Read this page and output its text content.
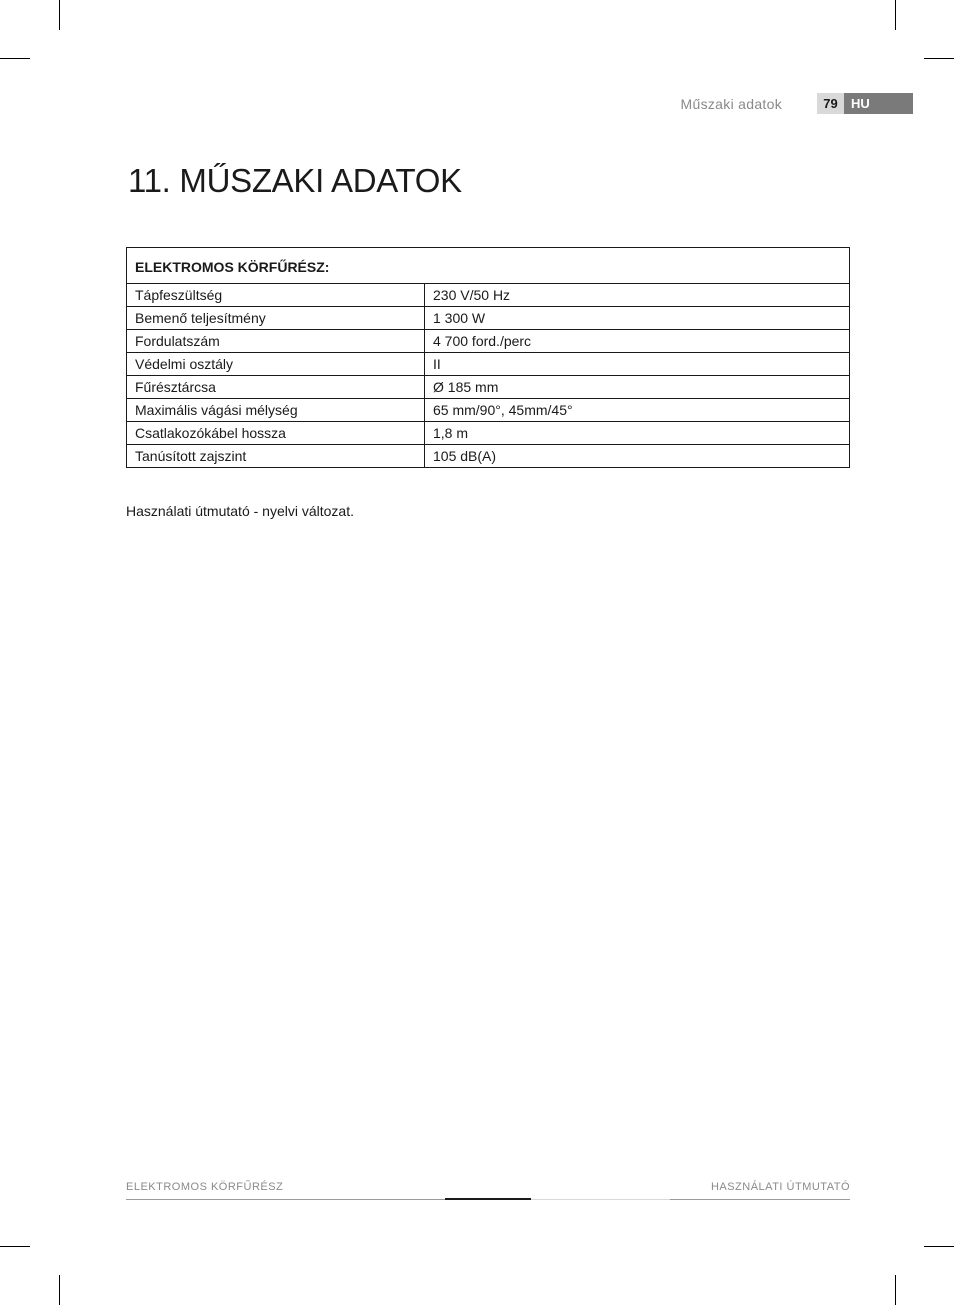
Műszaki adatok	79	HU
11. MŰSZAKI ADATOK
ELEKTROMOS KÖRFŰRÉSZ:	
Tápfeszültség	230 V/50 Hz
Bemenő teljesítmény	1 300 W
Fordulatszám	4 700 ford./perc
Védelmi osztály	II
Fűrésztárcsa	Ø 185 mm
Maximális vágási mélység	65 mm/90°, 45mm/45°
Csatlakozókábel hossza	1,8 m
Tanúsított zajszint	105 dB(A)
Használati útmutató - nyelvi változat.
ELEKTROMOS KÖRFŰRÉSZ	HASZNÁLATI ÚTMUTATÓ
